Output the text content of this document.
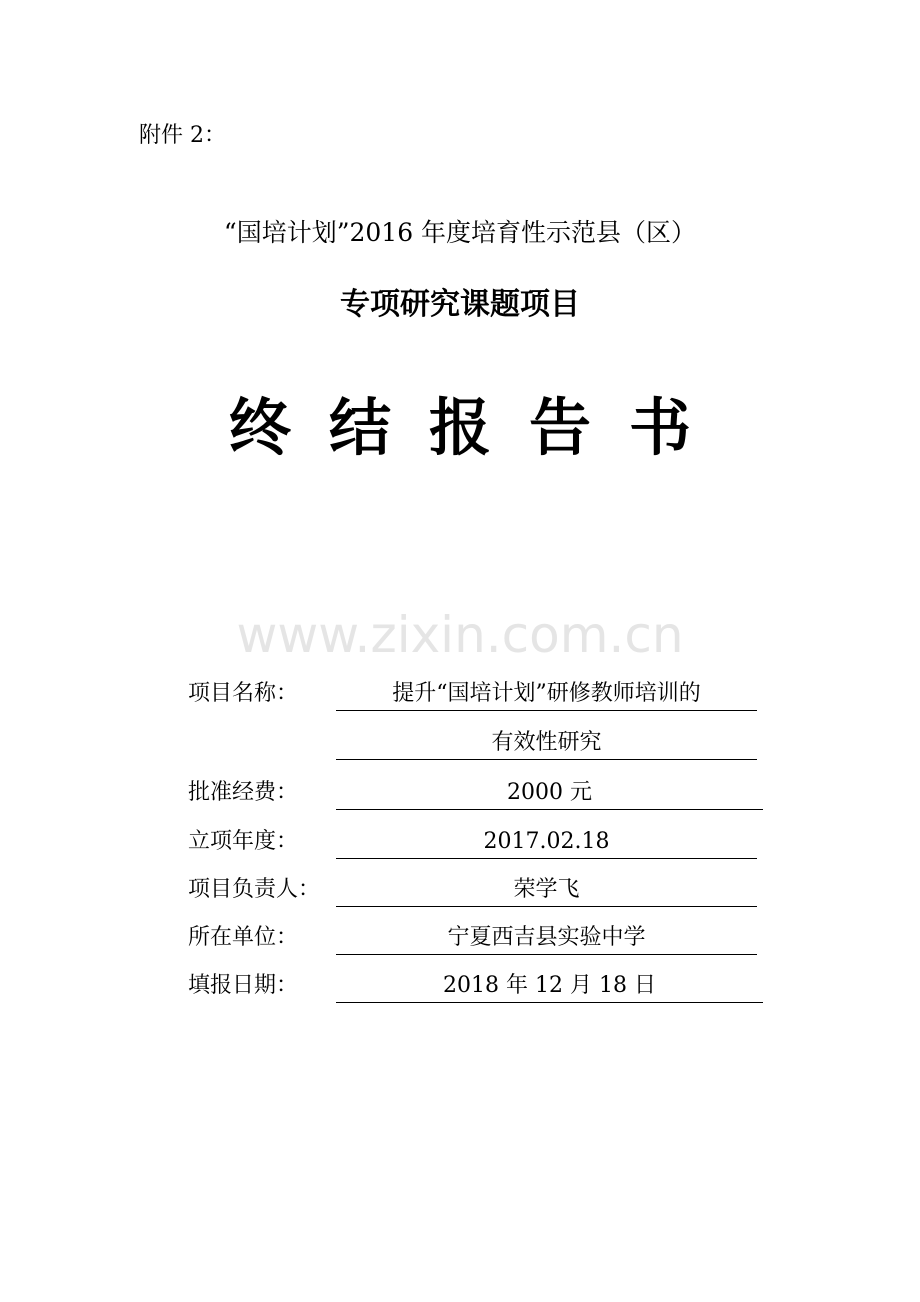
附件 2：
“国培计划”2016 年度培育性示范县（区）
专项研究课题项目
终结报告书
www.zixin.com.cn
项目名称：	提升“国培计划”研修教师培训的
有效性研究
批准经费：	2000 元
立项年度：	2017.02.18
项目负责人：	荣学飞
所在单位：	宁夏西吉县实验中学
填报日期：	2018 年 12 月 18 日
